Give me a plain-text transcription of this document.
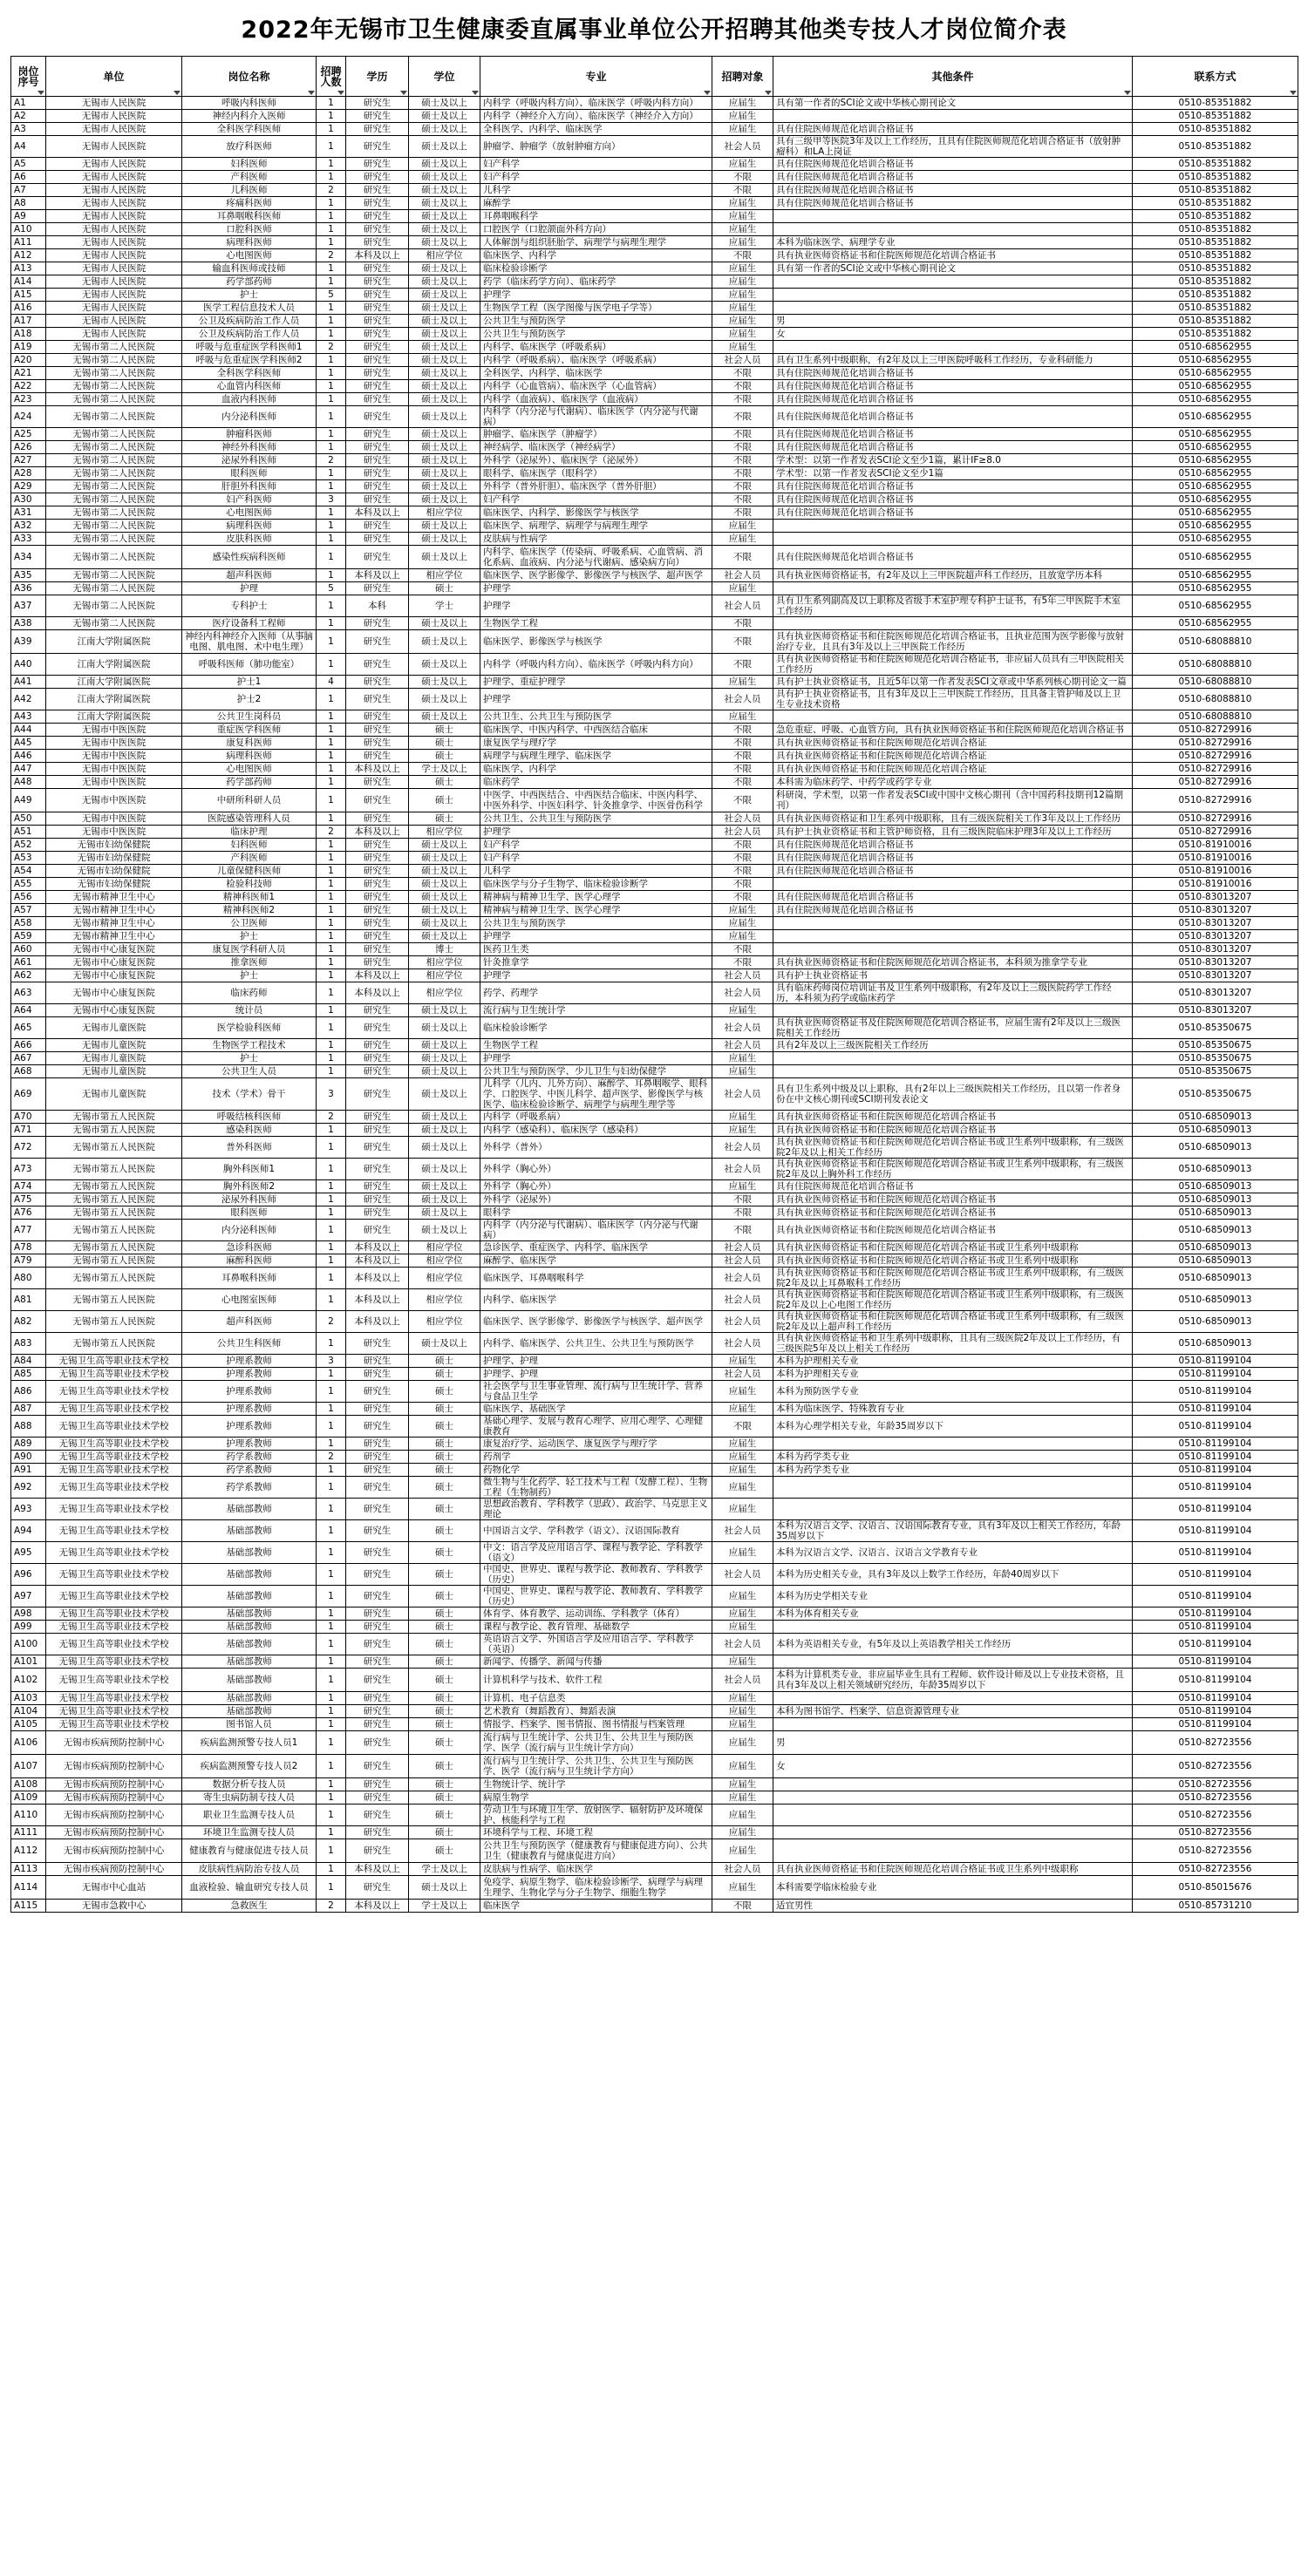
2022年无锡市卫生健康委直属事业单位公开招聘其他类专技人才岗位简介表
岗位序号	单位	岗位名称	招聘人数	学历	学位	专业	招聘对象	其他条件	联系方式

A1	无锡市人民医院	呼吸内科医师	1	研究生	硕士及以上	内科学（呼吸内科方向）、临床医学（呼吸内科方向）	应届生	具有第一作者的SCI论文或中华核心期刊论文	0510-85351882
A2	无锡市人民医院	神经内科介入医师	1	研究生	硕士及以上	内科学（神经介入方向）、临床医学（神经介入方向）	应届生		0510-85351882
A3	无锡市人民医院	全科医学科医师	1	研究生	硕士及以上	全科医学、内科学、临床医学	应届生	具有住院医师规范化培训合格证书	0510-85351882
A4	无锡市人民医院	放疗科医师	1	研究生	硕士及以上	肿瘤学、肿瘤学（放射肿瘤方向）	社会人员	具有三级甲等医院3年及以上工作经历，且具有住院医师规范化培训合格证书（放射肿瘤科）和LA上岗证	0510-85351882
A5	无锡市人民医院	妇科医师	1	研究生	硕士及以上	妇产科学	应届生	具有住院医师规范化培训合格证书	0510-85351882
A6	无锡市人民医院	产科医师	1	研究生	硕士及以上	妇产科学	不限	具有住院医师规范化培训合格证书	0510-85351882
A7	无锡市人民医院	儿科医师	2	研究生	硕士及以上	儿科学	不限	具有住院医师规范化培训合格证书	0510-85351882
A8	无锡市人民医院	疼痛科医师	1	研究生	硕士及以上	麻醉学	应届生	具有住院医师规范化培训合格证书	0510-85351882
A9	无锡市人民医院	耳鼻咽喉科医师	1	研究生	硕士及以上	耳鼻咽喉科学	应届生		0510-85351882
A10	无锡市人民医院	口腔科医师	1	研究生	硕士及以上	口腔医学（口腔颌面外科方向）	应届生		0510-85351882
A11	无锡市人民医院	病理科医师	1	研究生	硕士及以上	人体解剖与组织胚胎学、病理学与病理生理学	应届生	本科为临床医学、病理学专业	0510-85351882
A12	无锡市人民医院	心电图医师	2	本科及以上	相应学位	临床医学、内科学	不限	具有执业医师资格证书和住院医师规范化培训合格证书	0510-85351882
A13	无锡市人民医院	输血科医师或技师	1	研究生	硕士及以上	临床检验诊断学	应届生	具有第一作者的SCI论文或中华核心期刊论文	0510-85351882
A14	无锡市人民医院	药学部药师	1	研究生	硕士及以上	药学（临床药学方向）、临床药学	应届生		0510-85351882
A15	无锡市人民医院	护士	5	研究生	硕士及以上	护理学	应届生		0510-85351882
A16	无锡市人民医院	医学工程信息技术人员	1	研究生	硕士及以上	生物医学工程（医学图像与医学电子学等）	应届生		0510-85351882
A17	无锡市人民医院	公卫及疾病防治工作人员	1	研究生	硕士及以上	公共卫生与预防医学	应届生	男	0510-85351882
A18	无锡市人民医院	公卫及疾病防治工作人员	1	研究生	硕士及以上	公共卫生与预防医学	应届生	女	0510-85351882
A19	无锡市第二人民医院	呼吸与危重症医学科医师1	2	研究生	硕士及以上	内科学、临床医学（呼吸系病）	应届生		0510-68562955
A20	无锡市第二人民医院	呼吸与危重症医学科医师2	1	研究生	硕士及以上	内科学（呼吸系病）、临床医学（呼吸系病）	社会人员	具有卫生系列中级职称，有2年及以上三甲医院呼吸科工作经历，专业科研能力	0510-68562955
A21	无锡市第二人民医院	全科医学科医师	1	研究生	硕士及以上	全科医学、内科学、临床医学	不限	具有住院医师规范化培训合格证书	0510-68562955
A22	无锡市第二人民医院	心血管内科医师	1	研究生	硕士及以上	内科学（心血管病）、临床医学（心血管病）	不限	具有住院医师规范化培训合格证书	0510-68562955
A23	无锡市第二人民医院	血液内科医师	1	研究生	硕士及以上	内科学（血液病）、临床医学（血液病）	不限	具有住院医师规范化培训合格证书	0510-68562955
A24	无锡市第二人民医院	内分泌科医师	1	研究生	硕士及以上	内科学（内分泌与代谢病）、临床医学（内分泌与代谢病）	不限	具有住院医师规范化培训合格证书	0510-68562955
A25	无锡市第二人民医院	肿瘤科医师	1	研究生	硕士及以上	肿瘤学、临床医学（肿瘤学）	不限	具有住院医师规范化培训合格证书	0510-68562955
A26	无锡市第二人民医院	神经外科医师	1	研究生	硕士及以上	神经病学、临床医学（神经病学）	不限	具有住院医师规范化培训合格证书	0510-68562955
A27	无锡市第二人民医院	泌尿外科医师	2	研究生	硕士及以上	外科学（泌尿外）、临床医学（泌尿外）	不限	学术型：以第一作者发表SCI论文至少1篇，累计IF≥8.0	0510-68562955
A28	无锡市第二人民医院	眼科医师	1	研究生	硕士及以上	眼科学、临床医学（眼科学）	不限	学术型：以第一作者发表SCI论文至少1篇	0510-68562955
A29	无锡市第二人民医院	肝胆外科医师	1	研究生	硕士及以上	外科学（普外肝胆）、临床医学（普外肝胆）	不限	具有住院医师规范化培训合格证书	0510-68562955
A30	无锡市第二人民医院	妇产科医师	3	研究生	硕士及以上	妇产科学	不限	具有住院医师规范化培训合格证书	0510-68562955
A31	无锡市第二人民医院	心电图医师	1	本科及以上	相应学位	临床医学、内科学、影像医学与核医学	不限	具有住院医师规范化培训合格证书	0510-68562955
A32	无锡市第二人民医院	病理科医师	1	研究生	硕士及以上	临床医学、病理学、病理学与病理生理学	应届生		0510-68562955
A33	无锡市第二人民医院	皮肤科医师	1	研究生	硕士及以上	皮肤病与性病学	应届生		0510-68562955
A34	无锡市第二人民医院	感染性疾病科医师	1	研究生	硕士及以上	内科学、临床医学（传染病、呼吸系病、心血管病、消化系病、血液病、内分泌与代谢病、感染病方向）	不限	具有住院医师规范化培训合格证书	0510-68562955
A35	无锡市第二人民医院	超声科医师	1	本科及以上	相应学位	临床医学、医学影像学、影像医学与核医学、超声医学	社会人员	具有执业医师资格证书，有2年及以上三甲医院超声科工作经历，且放宽学历本科	0510-68562955
A36	无锡市第二人民医院	护理	5	研究生	硕士	护理学	应届生		0510-68562955
A37	无锡市第二人民医院	专科护士	1	本科	学士	护理学	社会人员	具有卫生系列副高及以上职称及省级手术室护理专科护士证书，有5年三甲医院手术室工作经历	0510-68562955
A38	无锡市第二人民医院	医疗设备科工程师	1	研究生	硕士及以上	生物医学工程	不限		0510-68562955
A39	江南大学附属医院	神经内科神经介入医师（从事脑电图、肌电图、术中电生理）	1	研究生	硕士及以上	临床医学、影像医学与核医学	不限	具有执业医师资格证书和住院医师规范化培训合格证书，且执业范围为医学影像与放射治疗专业，且具有3年及以上三甲医院工作经历	0510-68088810
A40	江南大学附属医院	呼吸科医师（肺功能室）	1	研究生	硕士及以上	内科学（呼吸内科方向）、临床医学（呼吸内科方向）	不限	具有执业医师资格证书和住院医师规范化培训合格证书，非应届人员具有三甲医院相关工作经历	0510-68088810
A41	江南大学附属医院	护士1	4	研究生	硕士及以上	护理学、重症护理学	应届生	具有护士执业资格证书，且近5年以第一作者发表SCI文章或中华系列核心期刊论文一篇	0510-68088810
A42	江南大学附属医院	护士2	1	研究生	硕士及以上	护理学	社会人员	具有护士执业资格证书，且有3年及以上三甲医院工作经历，且具备主管护师及以上卫生专业技术资格	0510-68088810
A43	江南大学附属医院	公共卫生岗科员	1	研究生	硕士及以上	公共卫生、公共卫生与预防医学	应届生		0510-68088810
A44	无锡市中医医院	重症医学科医师	1	研究生	硕士	临床医学、中医内科学、中西医结合临床	不限	急危重症、呼吸、心血管方向，具有执业医师资格证书和住院医师规范化培训合格证书	0510-82729916
A45	无锡市中医医院	康复科医师	1	研究生	硕士	康复医学与理疗学	不限	具有执业医师资格证书和住院医师规范化培训合格证	0510-82729916
A46	无锡市中医医院	病理科医师	1	研究生	硕士	病理学与病理生理学、临床医学	不限	具有执业医师资格证书和住院医师规范化培训合格证	0510-82729916
A47	无锡市中医医院	心电图医师	1	本科及以上	学士及以上	临床医学、内科学	不限	具有执业医师资格证书和住院医师规范化培训合格证	0510-82729916
A48	无锡市中医医院	药学部药师	1	研究生	硕士	临床药学	不限	本科需为临床药学、中药学或药学专业	0510-82729916
A49	无锡市中医医院	中研所科研人员	1	研究生	硕士	中医学、中西医结合、中西医结合临床、中医内科学、中医外科学、中医妇科学、针灸推拿学、中医骨伤科学	不限	科研岗，学术型，以第一作者发表SCI或中国中文核心期刊（含中国药科技期刊12篇期刊）	0510-82729916
A50	无锡市中医医院	医院感染管理科人员	1	研究生	硕士	公共卫生、公共卫生与预防医学	社会人员	具有执业医师资格证和卫生系列中级职称，且有三级医院相关工作3年及以上工作经历	0510-82729916
A51	无锡市中医医院	临床护理	2	本科及以上	相应学位	护理学	社会人员	具有护士执业资格证书和主管护师资格，且有三级医院临床护理3年及以上工作经历	0510-82729916
A52	无锡市妇幼保健院	妇科医师	1	研究生	硕士及以上	妇产科学	不限	具有住院医师规范化培训合格证书	0510-81910016
A53	无锡市妇幼保健院	产科医师	1	研究生	硕士及以上	妇产科学	不限	具有住院医师规范化培训合格证书	0510-81910016
A54	无锡市妇幼保健院	儿童保健科医师	1	研究生	硕士及以上	儿科学	不限	具有住院医师规范化培训合格证书	0510-81910016
A55	无锡市妇幼保健院	检验科技师	1	研究生	硕士及以上	临床医学与分子生物学、临床检验诊断学	不限		0510-81910016
A56	无锡市精神卫生中心	精神科医师1	1	研究生	硕士及以上	精神病与精神卫生学、医学心理学	不限	具有住院医师规范化培训合格证书	0510-83013207
A57	无锡市精神卫生中心	精神科医师2	1	研究生	硕士及以上	精神病与精神卫生学、医学心理学	应届生	具有住院医师规范化培训合格证书	0510-83013207
A58	无锡市精神卫生中心	公卫医师	1	研究生	硕士及以上	公共卫生与预防医学	应届生		0510-83013207
A59	无锡市精神卫生中心	护士	1	研究生	硕士及以上	护理学	应届生		0510-83013207
A60	无锡市中心康复医院	康复医学科研人员	1	研究生	博士	医药卫生类	不限		0510-83013207
A61	无锡市中心康复医院	推拿医师	1	研究生	相应学位	针灸推拿学	不限	具有执业医师资格证书和住院医师规范化培训合格证书，本科须为推拿学专业	0510-83013207
A62	无锡市中心康复医院	护士	1	本科及以上	相应学位	护理学	社会人员	具有护士执业资格证书	0510-83013207
A63	无锡市中心康复医院	临床药师	1	本科及以上	相应学位	药学、药理学	社会人员	具有临床药师岗位培训证书及卫生系列中级职称，有2年及以上三级医院药学工作经历，本科须为药学或临床药学	0510-83013207
A64	无锡市中心康复医院	统计员	1	研究生	硕士及以上	流行病与卫生统计学	应届生		0510-83013207
A65	无锡市儿童医院	医学检验科医师	1	研究生	硕士及以上	临床检验诊断学	社会人员	具有执业医师资格证书及住院医师规范化培训合格证书，应届生需有2年及以上三级医院相关工作经历	0510-85350675
A66	无锡市儿童医院	生物医学工程技术	1	研究生	硕士及以上	生物医学工程	社会人员	具有2年及以上三级医院相关工作经历	0510-85350675
A67	无锡市儿童医院	护士	1	研究生	硕士及以上	护理学	应届生		0510-85350675
A68	无锡市儿童医院	公共卫生人员	1	研究生	硕士及以上	公共卫生与预防医学、少儿卫生与妇幼保健学	应届生		0510-85350675
A69	无锡市儿童医院	技术（学术）骨干	3	研究生	硕士及以上	儿科学（儿内、儿外方向）、麻醉学、耳鼻咽喉学、眼科学、口腔医学、中医儿科学、超声医学、影像医学与核医学、临床检验诊断学、病理学与病理生理学等	社会人员	具有卫生系列中级及以上职称，具有2年以上三级医院相关工作经历，且以第一作者身份在中文核心期刊或SCI期刊发表论文	0510-85350675
A70	无锡市第五人民医院	呼吸结核科医师	2	研究生	硕士及以上	内科学（呼吸系病）	应届生	具有执业医师资格证书和住院医师规范化培训合格证书	0510-68509013
A71	无锡市第五人民医院	感染科医师	1	研究生	硕士及以上	内科学（感染科）、临床医学（感染科）	应届生	具有执业医师资格证书和住院医师规范化培训合格证书	0510-68509013
A72	无锡市第五人民医院	普外科医师	1	研究生	硕士及以上	外科学（普外）	社会人员	具有执业医师资格证书和住院医师规范化培训合格证书或卫生系列中级职称，有三级医院2年及以上相关工作经历	0510-68509013
A73	无锡市第五人民医院	胸外科医师1	1	研究生	硕士及以上	外科学（胸心外）	社会人员	具有执业医师资格证书和住院医师规范化培训合格证书或卫生系列中级职称，有三级医院2年及以上胸外科工作经历	0510-68509013
A74	无锡市第五人民医院	胸外科医师2	1	研究生	硕士及以上	外科学（胸心外）	应届生	具有住院医师规范化培训合格证书	0510-68509013
A75	无锡市第五人民医院	泌尿外科医师	1	研究生	硕士及以上	外科学（泌尿外）	不限	具有执业医师资格证书和住院医师规范化培训合格证书	0510-68509013
A76	无锡市第五人民医院	眼科医师	1	研究生	硕士及以上	眼科学	不限	具有执业医师资格证书和住院医师规范化培训合格证书	0510-68509013
A77	无锡市第五人民医院	内分泌科医师	1	研究生	硕士及以上	内科学（内分泌与代谢病）、临床医学（内分泌与代谢病）	不限	具有执业医师资格证书和住院医师规范化培训合格证书	0510-68509013
A78	无锡市第五人民医院	急诊科医师	1	本科及以上	相应学位	急诊医学、重症医学、内科学、临床医学	社会人员	具有执业医师资格证书和住院医师规范化培训合格证书或卫生系列中级职称	0510-68509013
A79	无锡市第五人民医院	麻醉科医师	1	本科及以上	相应学位	麻醉学、临床医学	社会人员	具有执业医师资格证书和住院医师规范化培训合格证书或卫生系列中级职称	0510-68509013
A80	无锡市第五人民医院	耳鼻喉科医师	1	本科及以上	相应学位	临床医学、耳鼻咽喉科学	社会人员	具有执业医师资格证书和住院医师规范化培训合格证书或卫生系列中级职称，有三级医院2年及以上耳鼻喉科工作经历	0510-68509013
A81	无锡市第五人民医院	心电图室医师	1	本科及以上	相应学位	内科学、临床医学	社会人员	具有执业医师资格证书和住院医师规范化培训合格证书或卫生系列中级职称，有三级医院2年及以上心电图工作经历	0510-68509013
A82	无锡市第五人民医院	超声科医师	2	本科及以上	相应学位	临床医学、医学影像学、影像医学与核医学、超声医学	社会人员	具有执业医师资格证书和住院医师规范化培训合格证书或卫生系列中级职称，有三级医院2年及以上超声科工作经历	0510-68509013
A83	无锡市第五人民医院	公共卫生科医师	1	研究生	硕士及以上	内科学、临床医学、公共卫生、公共卫生与预防医学	社会人员	具有执业医师资格证书和卫生系列中级职称，且具有三级医院2年及以上工作经历，有三级医院5年及以上相关工作经历	0510-68509013
A84	无锡卫生高等职业技术学校	护理系教师	3	研究生	硕士	护理学、护理	应届生	本科为护理相关专业	0510-81199104
A85	无锡卫生高等职业技术学校	护理系教师	1	研究生	硕士	护理学、护理	社会人员	本科为护理相关专业	0510-81199104
A86	无锡卫生高等职业技术学校	护理系教师	1	研究生	硕士	社会医学与卫生事业管理、流行病与卫生统计学、营养与食品卫生学	应届生	本科为预防医学专业	0510-81199104
A87	无锡卫生高等职业技术学校	护理系教师	1	研究生	硕士	临床医学、基础医学	应届生	本科为临床医学、特殊教育专业	0510-81199104
A88	无锡卫生高等职业技术学校	护理系教师	1	研究生	硕士	基础心理学、发展与教育心理学、应用心理学、心理健康教育	不限	本科为心理学相关专业，年龄35周岁以下	0510-81199104
A89	无锡卫生高等职业技术学校	护理系教师	1	研究生	硕士	康复治疗学、运动医学、康复医学与理疗学	应届生		0510-81199104
A90	无锡卫生高等职业技术学校	药学系教师	2	研究生	硕士	药剂学	应届生	本科为药学类专业	0510-81199104
A91	无锡卫生高等职业技术学校	药学系教师	1	研究生	硕士	药物化学	应届生	本科为药学类专业	0510-81199104
A92	无锡卫生高等职业技术学校	药学系教师	1	研究生	硕士	微生物与生化药学、轻工技术与工程（发酵工程）、生物工程（生物制药）	应届生		0510-81199104
A93	无锡卫生高等职业技术学校	基础部教师	1	研究生	硕士	思想政治教育、学科教学（思政）、政治学、马克思主义理论	应届生		0510-81199104
A94	无锡卫生高等职业技术学校	基础部教师	1	研究生	硕士	中国语言文学、学科教学（语文）、汉语国际教育	社会人员	本科为汉语言文学、汉语言、汉语国际教育专业，具有3年及以上相关工作经历，年龄35周岁以下	0510-81199104
A95	无锡卫生高等职业技术学校	基础部教师	1	研究生	硕士	中文：语言学及应用语言学、课程与教学论、学科教学（语文）	应届生	本科为汉语言文学、汉语言、汉语言文学教育专业	0510-81199104
A96	无锡卫生高等职业技术学校	基础部教师	1	研究生	硕士	中国史、世界史、课程与教学论、教师教育、学科教学（历史）	社会人员	本科为历史相关专业，具有3年及以上数学工作经历，年龄40周岁以下	0510-81199104
A97	无锡卫生高等职业技术学校	基础部教师	1	研究生	硕士	中国史、世界史、课程与教学论、教师教育、学科教学（历史）	应届生	本科为历史学相关专业	0510-81199104
A98	无锡卫生高等职业技术学校	基础部教师	1	研究生	硕士	体育学、体育教学、运动训练、学科教学（体育）	应届生	本科为体育相关专业	0510-81199104
A99	无锡卫生高等职业技术学校	基础部教师	1	研究生	硕士	课程与教学论、教育管理、基础数学	应届生		0510-81199104
A100	无锡卫生高等职业技术学校	基础部教师	1	研究生	硕士	英语语言文学、外国语言学及应用语言学、学科教学（英语）	社会人员	本科为英语相关专业，有5年及以上英语教学相关工作经历	0510-81199104
A101	无锡卫生高等职业技术学校	基础部教师	1	研究生	硕士	新闻学、传播学、新闻与传播	应届生		0510-81199104
A102	无锡卫生高等职业技术学校	基础部教师	1	研究生	硕士	计算机科学与技术、软件工程	社会人员	本科为计算机类专业，非应届毕业生具有工程师、软件设计师及以上专业技术资格，且具有3年及以上相关领域研究经历，年龄35周岁以下	0510-81199104
A103	无锡卫生高等职业技术学校	基础部教师	1	研究生	硕士	计算机、电子信息类	应届生		0510-81199104
A104	无锡卫生高等职业技术学校	基础部教师	1	研究生	硕士	艺术教育（舞蹈教育）、舞蹈表演	应届生	本科为图书馆学、档案学、信息资源管理专业	0510-81199104
A105	无锡卫生高等职业技术学校	图书馆人员	1	研究生	硕士	情报学、档案学、图书情报、图书情报与档案管理	应届生		0510-81199104
A106	无锡市疾病预防控制中心	疾病监测预警专技人员1	1	研究生	硕士	流行病与卫生统计学、公共卫生、公共卫生与预防医学、医学（流行病与卫生统计学方向）	应届生	男	0510-82723556
A107	无锡市疾病预防控制中心	疾病监测预警专技人员2	1	研究生	硕士	流行病与卫生统计学、公共卫生、公共卫生与预防医学、医学（流行病与卫生统计学方向）	应届生	女	0510-82723556
A108	无锡市疾病预防控制中心	数据分析专技人员	1	研究生	硕士	生物统计学、统计学	应届生		0510-82723556
A109	无锡市疾病预防控制中心	寄生虫病防制专技人员	1	研究生	硕士	病原生物学	应届生		0510-82723556
A110	无锡市疾病预防控制中心	职业卫生监测专技人员	1	研究生	硕士	劳动卫生与环境卫生学、放射医学、辐射防护及环境保护、核能科学与工程	应届生		0510-82723556
A111	无锡市疾病预防控制中心	环境卫生监测专技人员	1	研究生	硕士	环境科学与工程、环境工程	应届生		0510-82723556
A112	无锡市疾病预防控制中心	健康教育与健康促进专技人员	1	研究生	硕士	公共卫生与预防医学（健康教育与健康促进方向）、公共卫生（健康教育与健康促进方向）	应届生		0510-82723556
A113	无锡市疾病预防控制中心	皮肤病性病防治专技人员	1	本科及以上	学士及以上	皮肤病与性病学、临床医学	社会人员	具有执业医师资格证书和住院医师规范化培训合格证书或卫生系列中级职称	0510-82723556
A114	无锡市中心血站	血液检验、输血研究专技人员	1	研究生	硕士及以上	免疫学、病原生物学、临床检验诊断学、病理学与病理生理学、生物化学与分子生物学、细胞生物学	应届生	本科需要学临床检验专业	0510-85015676
A115	无锡市急救中心	急救医生	2	本科及以上	学士及以上	临床医学	不限	适宜男性	0510-85731210
